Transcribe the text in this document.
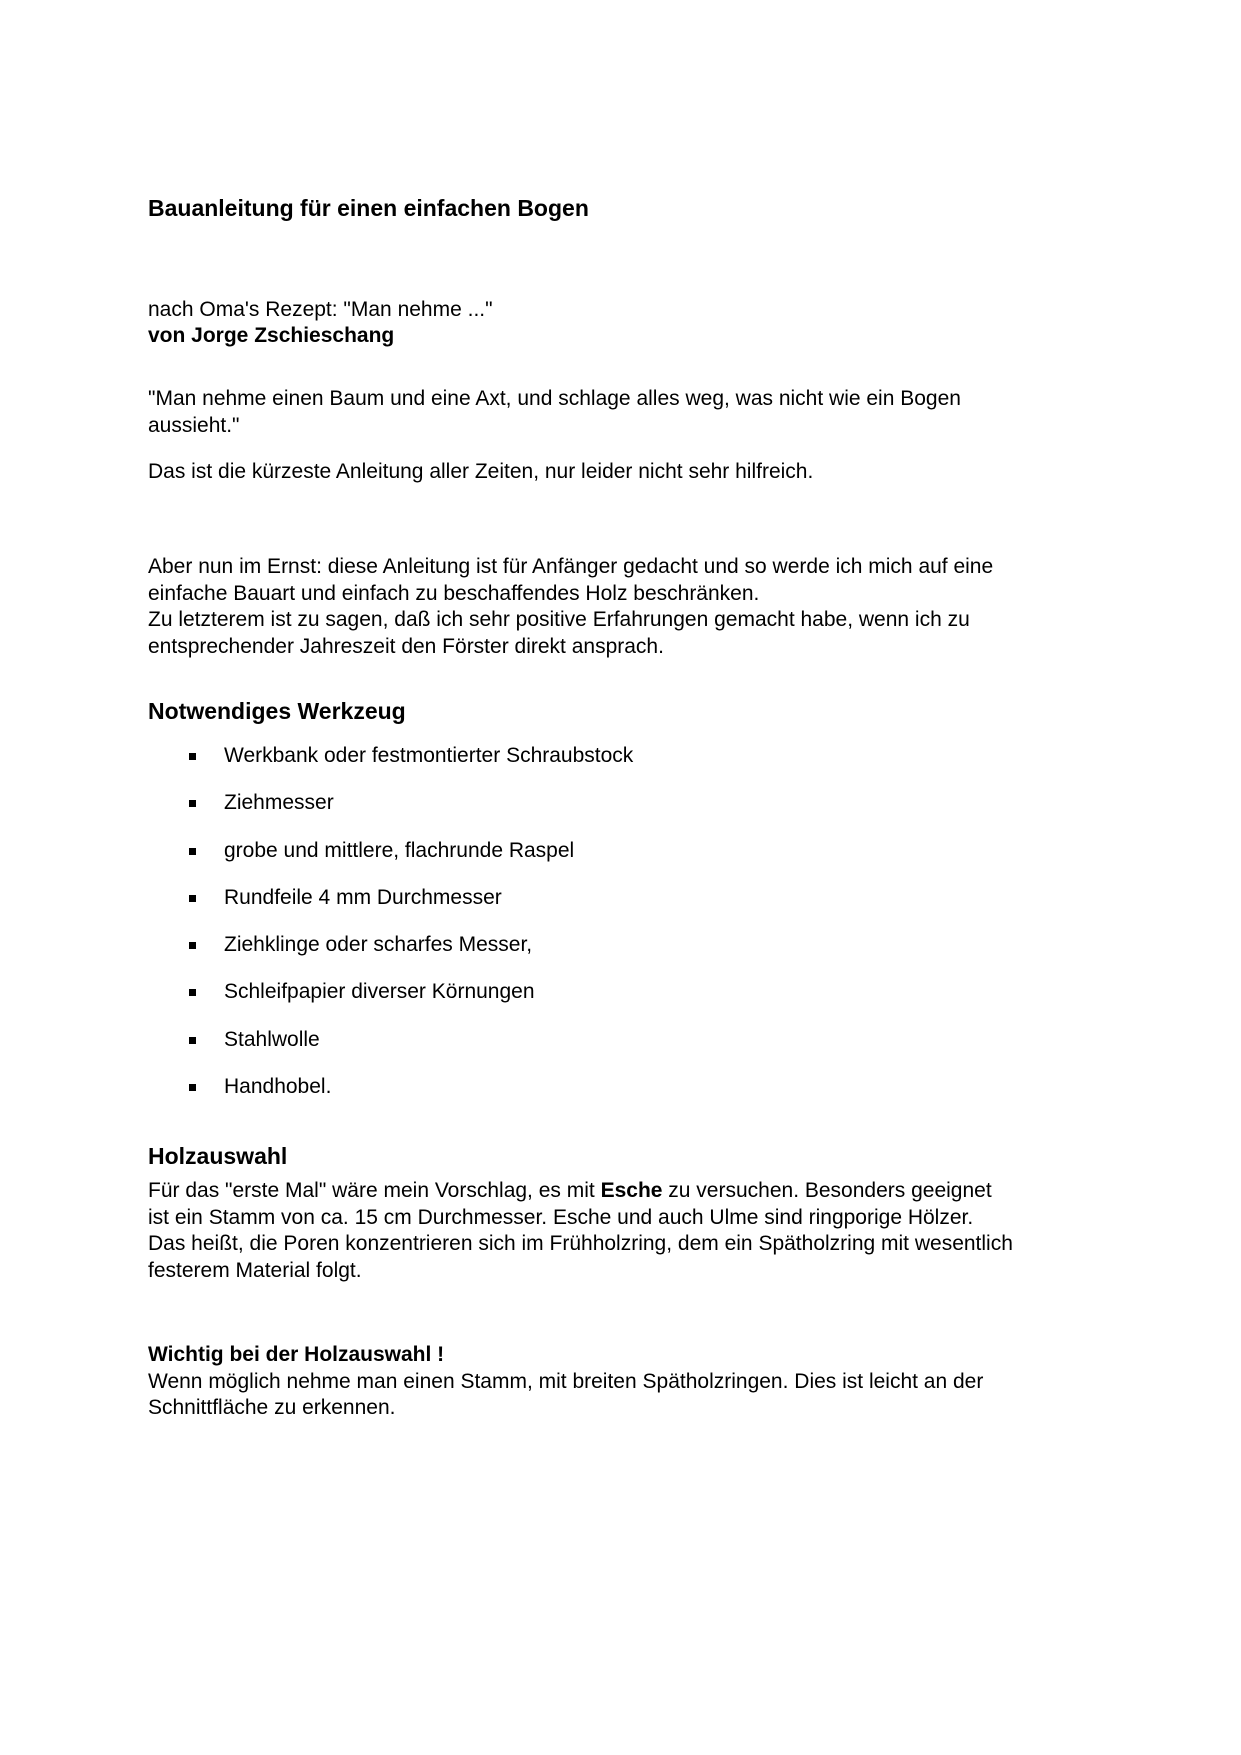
Bauanleitung für einen einfachen Bogen

nach Oma's Rezept: "Man nehme ..."

von Jorge Zschieschang

"Man nehme einen Baum und eine Axt, und schlage alles weg, was nicht wie ein Bogen
aussieht."

Das ist die kürzeste Anleitung aller Zeiten, nur leider nicht sehr hilfreich.

Aber nun im Ernst: diese Anleitung ist für Anfänger gedacht und so werde ich mich auf eine
einfache Bauart und einfach zu beschaffendes Holz beschränken.
Zu letzterem ist zu sagen, daß ich sehr positive Erfahrungen gemacht habe, wenn ich zu
entsprechender Jahreszeit den Förster direkt ansprach.
Notwendiges Werkzeug
Werkbank oder festmontierter Schraubstock
Ziehmesser
grobe und mittlere, flachrunde Raspel
Rundfeile 4 mm Durchmesser
Ziehklinge oder scharfes Messer,
Schleifpapier diverser Körnungen
Stahlwolle
Handhobel.
Holzauswahl
Für das "erste Mal" wäre mein Vorschlag, es mit Esche zu versuchen. Besonders geeignet
ist ein Stamm von ca. 15 cm Durchmesser. Esche und auch Ulme sind ringporige Hölzer.
Das heißt, die Poren konzentrieren sich im Frühholzring, dem ein Spätholzring mit wesentlich
festerem Material folgt.
Wichtig bei der Holzauswahl !
Wenn möglich nehme man einen Stamm, mit breiten Spätholzringen. Dies ist leicht an der
Schnittfläche zu erkennen.
